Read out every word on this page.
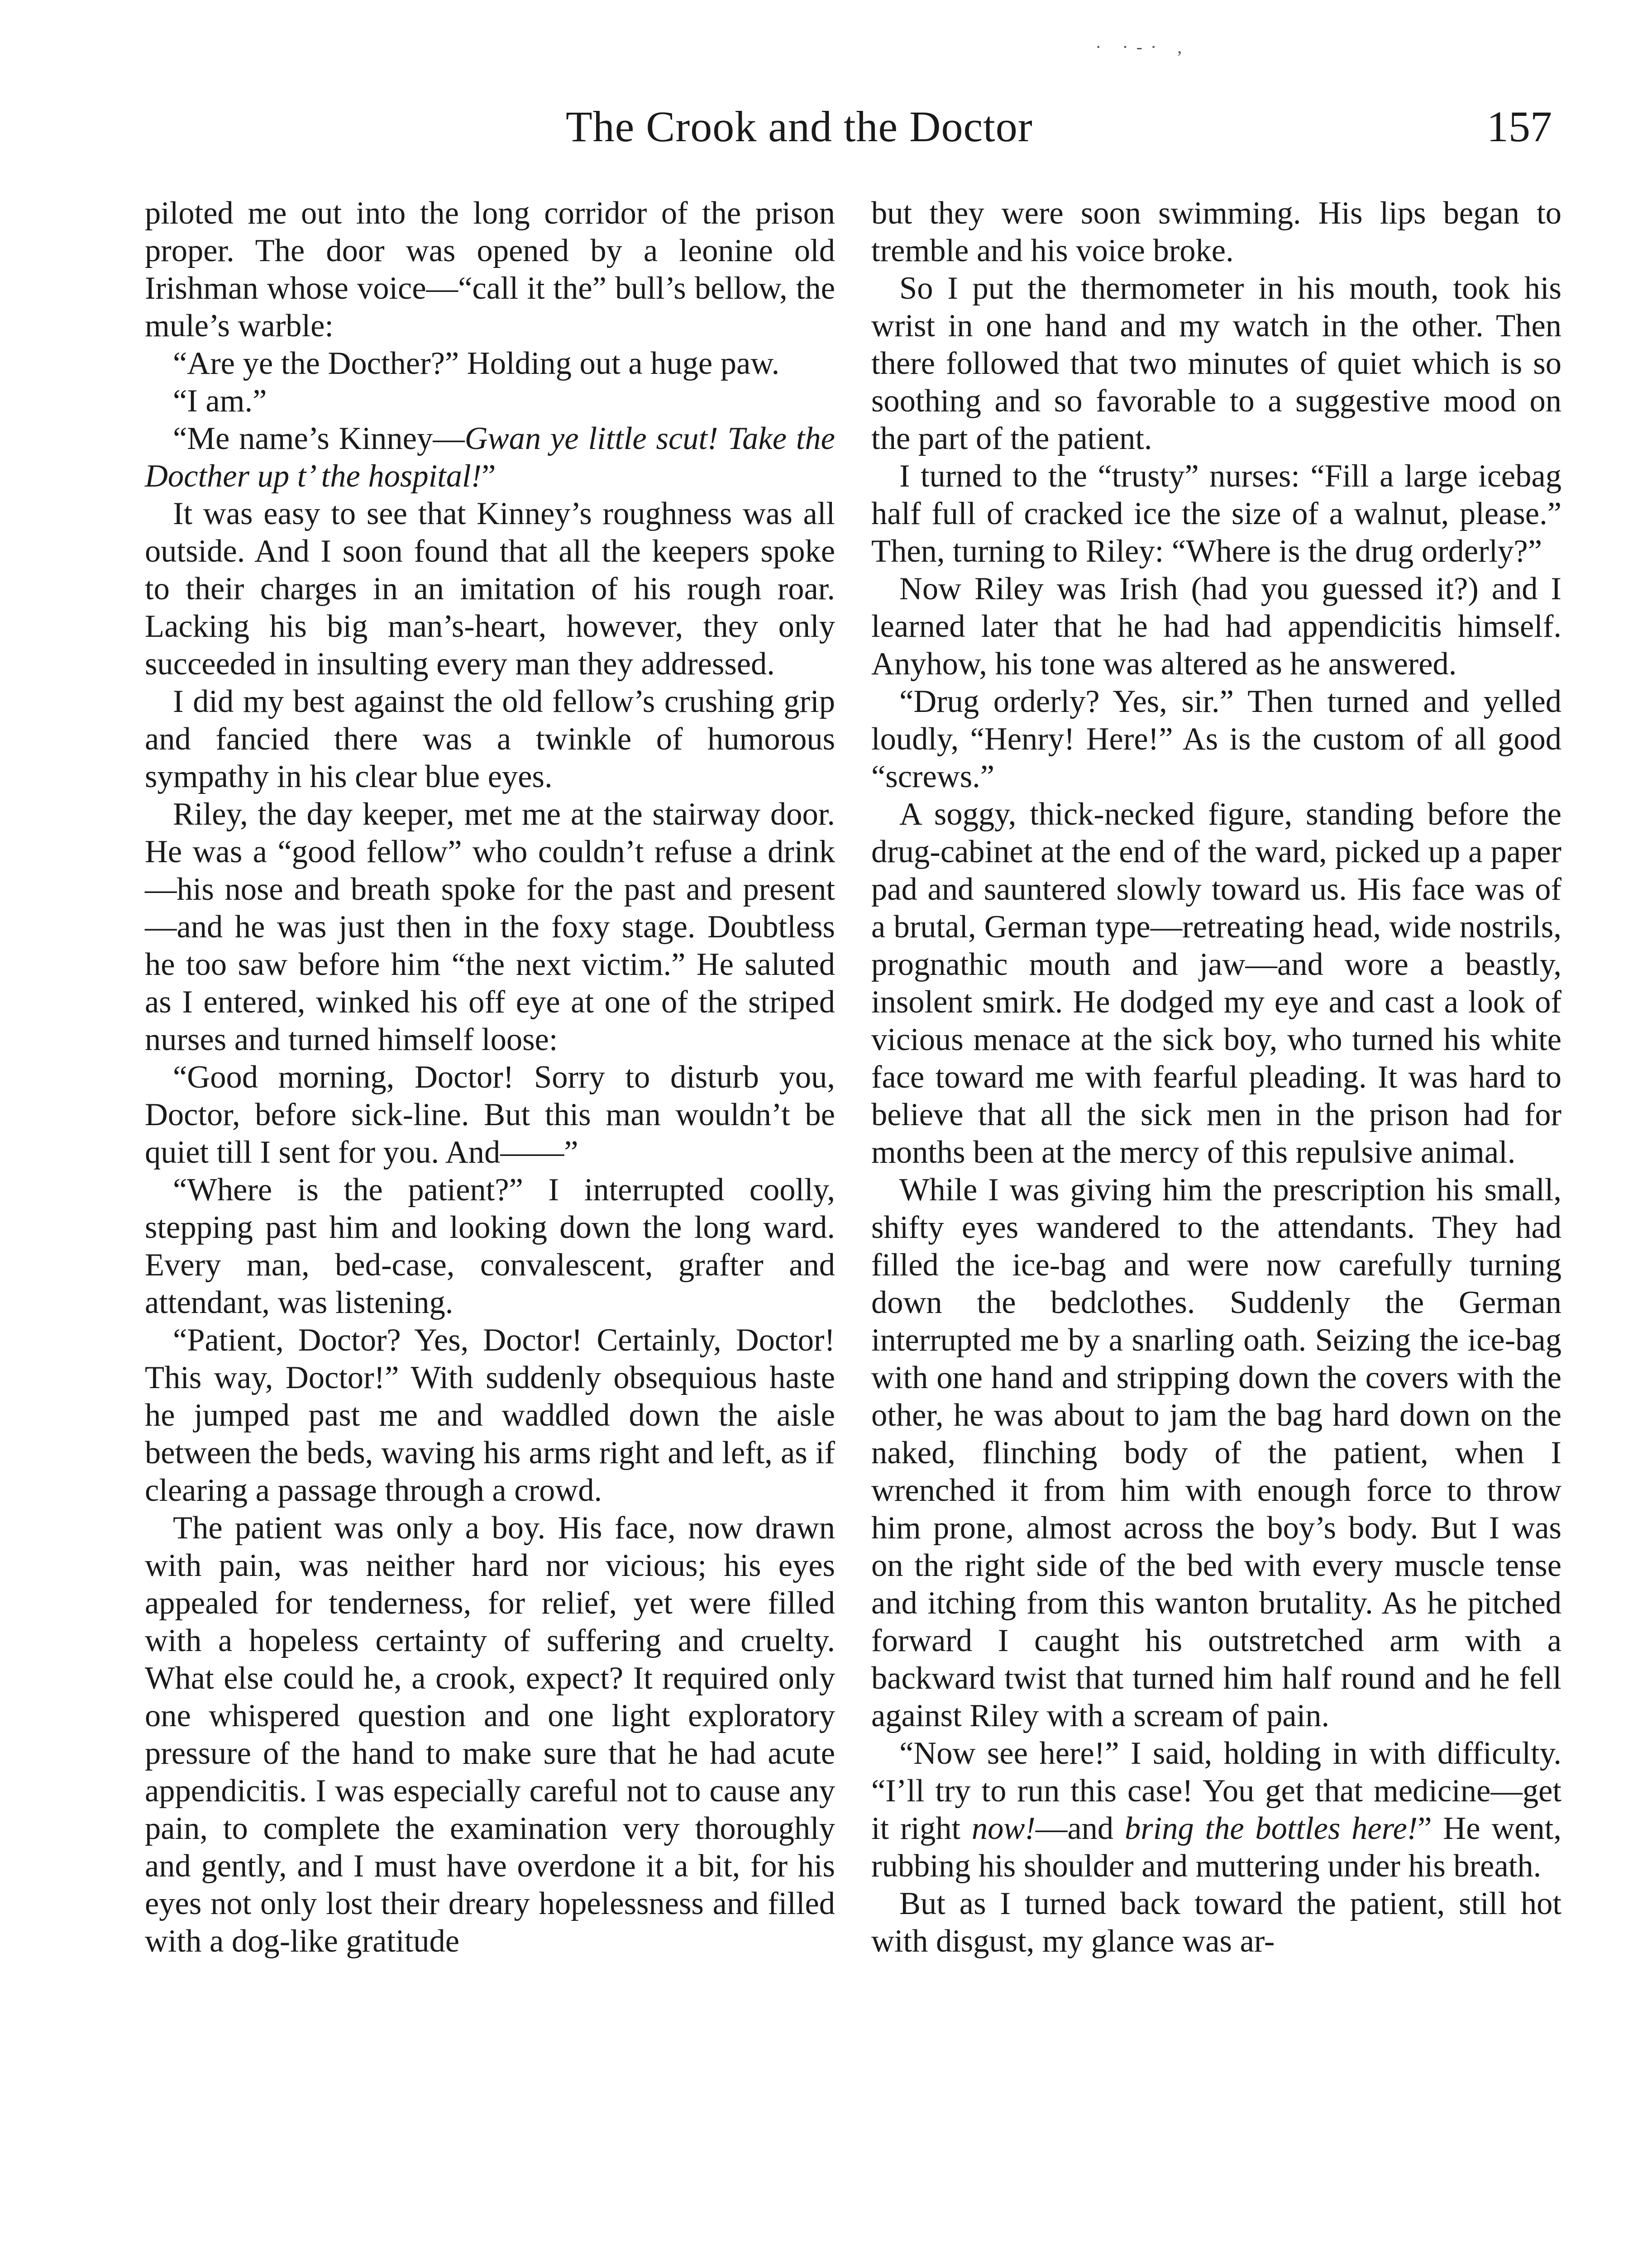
· ·-· ,
The Crook and the Doctor	157

piloted me out into the long corridor of the prison proper. The door was opened by a leonine old Irishman whose voice—“call it the” bull’s bellow, the mule’s warble:

“Are ye the Docther?” Holding out a huge paw.

“I am.”

“Me name’s Kinney—Gwan ye little scut! Take the Docther up t’ the hospital!”

It was easy to see that Kinney’s roughness was all outside. And I soon found that all the keepers spoke to their charges in an imitation of his rough roar. Lacking his big man’s-heart, however, they only succeeded in insulting every man they addressed.

I did my best against the old fellow’s crushing grip and fancied there was a twinkle of humorous sympathy in his clear blue eyes.

Riley, the day keeper, met me at the stairway door. He was a “good fellow” who couldn’t refuse a drink—his nose and breath spoke for the past and present—and he was just then in the foxy stage. Doubtless he too saw before him “the next victim.” He saluted as I entered, winked his off eye at one of the striped nurses and turned himself loose:

“Good morning, Doctor! Sorry to disturb you, Doctor, before sick-line. But this man wouldn’t be quiet till I sent for you. And——”

“Where is the patient?” I interrupted coolly, stepping past him and looking down the long ward. Every man, bed-case, convalescent, grafter and attendant, was listening.

“Patient, Doctor? Yes, Doctor! Certainly, Doctor! This way, Doctor!” With suddenly obsequious haste he jumped past me and waddled down the aisle between the beds, waving his arms right and left, as if clearing a passage through a crowd.

The patient was only a boy. His face, now drawn with pain, was neither hard nor vicious; his eyes appealed for tenderness, for relief, yet were filled with a hopeless certainty of suffering and cruelty. What else could he, a crook, expect? It required only one whispered question and one light exploratory pressure of the hand to make sure that he had acute appendicitis. I was especially careful not to cause any pain, to complete the examination very thoroughly and gently, and I must have overdone it a bit, for his eyes not only lost their dreary hopelessness and filled with a dog-like gratitude

but they were soon swimming. His lips began to tremble and his voice broke.

So I put the thermometer in his mouth, took his wrist in one hand and my watch in the other. Then there followed that two minutes of quiet which is so soothing and so favorable to a suggestive mood on the part of the patient.

I turned to the “trusty” nurses: “Fill a large icebag half full of cracked ice the size of a walnut, please.” Then, turning to Riley: “Where is the drug orderly?”

Now Riley was Irish (had you guessed it?) and I learned later that he had had appendicitis himself. Anyhow, his tone was altered as he answered.

“Drug orderly? Yes, sir.” Then turned and yelled loudly, “Henry! Here!” As is the custom of all good “screws.”

A soggy, thick-necked figure, standing before the drug-cabinet at the end of the ward, picked up a paper pad and sauntered slowly toward us. His face was of a brutal, German type—retreating head, wide nostrils, prognathic mouth and jaw—and wore a beastly, insolent smirk. He dodged my eye and cast a look of vicious menace at the sick boy, who turned his white face toward me with fearful pleading. It was hard to believe that all the sick men in the prison had for months been at the mercy of this repulsive animal.

While I was giving him the prescription his small, shifty eyes wandered to the attendants. They had filled the ice-bag and were now carefully turning down the bedclothes. Suddenly the German interrupted me by a snarling oath. Seizing the ice-bag with one hand and stripping down the covers with the other, he was about to jam the bag hard down on the naked, flinching body of the patient, when I wrenched it from him with enough force to throw him prone, almost across the boy’s body. But I was on the right side of the bed with every muscle tense and itching from this wanton brutality. As he pitched forward I caught his outstretched arm with a backward twist that turned him half round and he fell against Riley with a scream of pain.

“Now see here!” I said, holding in with difficulty. “I’ll try to run this case! You get that medicine—get it right now!—and bring the bottles here!” He went, rubbing his shoulder and muttering under his breath.

But as I turned back toward the patient, still hot with disgust, my glance was ar-
